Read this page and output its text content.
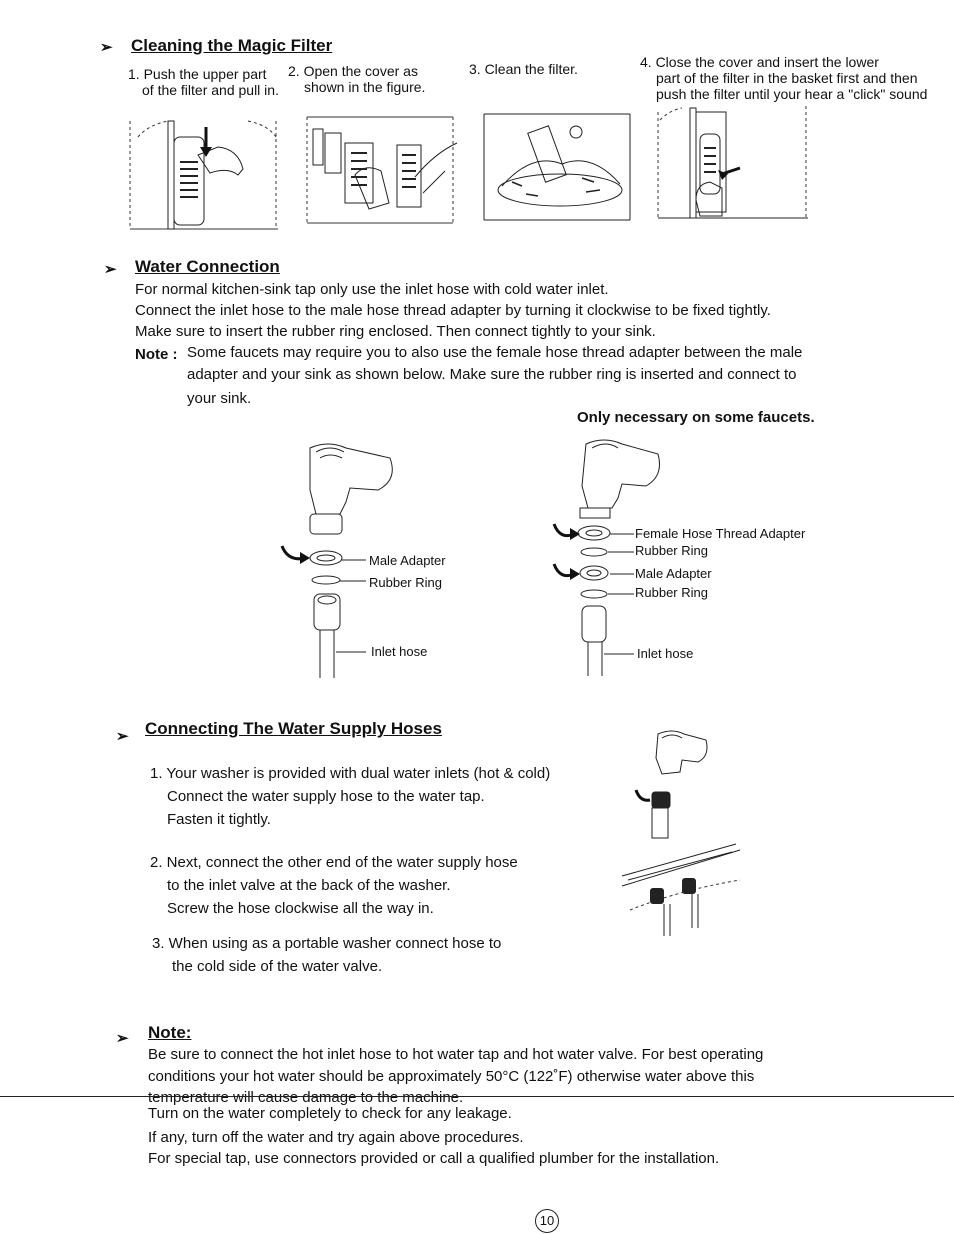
➢ Cleaning the Magic Filter
1. Push the upper part
of the filter and pull in.
2. Open the cover as
shown in the figure.
3. Clean the filter.	4. Close the cover and insert the lower
part of the filter in the basket first and then
push the filter until your hear a "click" sound
➢ Water Connection
For normal kitchen-sink tap only use the inlet hose with cold water inlet.
Connect the inlet hose to the male hose thread adapter by turning it clockwise to be fixed tightly.
Make sure to insert the rubber ring enclosed. Then connect tightly to your sink.
Note : Some faucets may require you to also use the female hose thread adapter between the male
adapter and your sink as shown below. Make sure the rubber ring is inserted and connect to
your sink.
Only necessary on some faucets.
Male Adapter
Rubber Ring
Inlet hose
Female Hose Thread Adapter
Rubber Ring
Male Adapter
Rubber Ring
Inlet hose
➢ Connecting The Water Supply Hoses
1. Your washer is provided with dual water inlets (hot & cold)
Connect the water supply hose to the water tap.
Fasten it tightly.
2. Next, connect the other end of the water supply hose
to the inlet valve at the back of the washer.
Screw the hose clockwise all the way in.
3. When using as a portable washer connect hose to
the cold side of the water valve.
➢ Note:
Be sure to connect the hot inlet hose to hot water tap and hot water valve. For best operating
conditions your hot water should be approximately 50°C (122˚F) otherwise water above this
temperature will cause damage to the machine.
Turn on the water completely to check for any leakage.
If any, turn off the water and try again above procedures.
For special tap, use connectors provided or call a qualified plumber for the installation.
10
